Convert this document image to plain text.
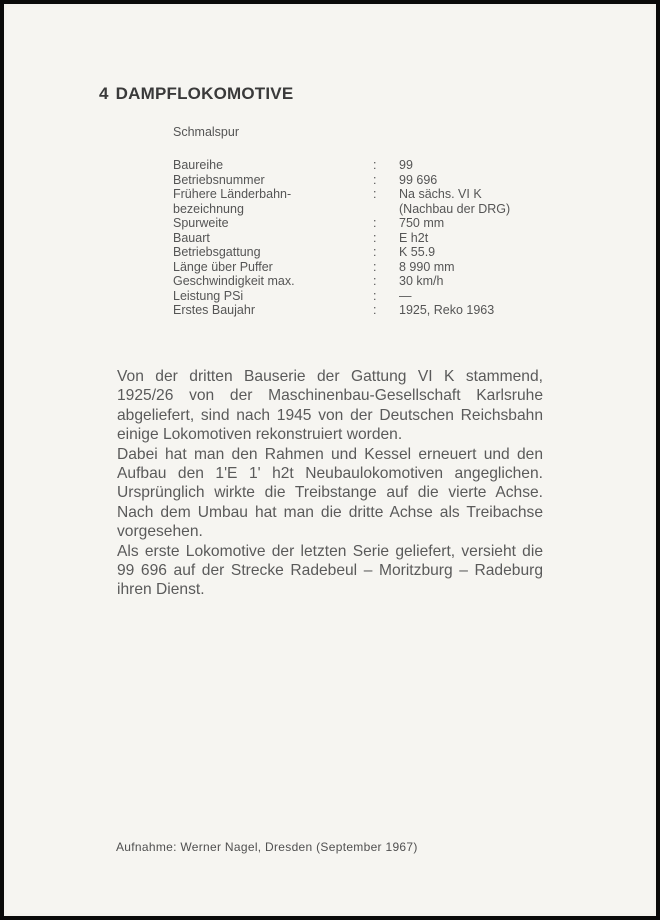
4 DAMPFLOKOMOTIVE
Schmalspur
Baureihe	: 99
Betriebsnummer	: 99 696
Frühere Länderbahn-	: Na sächs. VI K
bezeichnung	(Nachbau der DRG)
Spurweite	: 750 mm
Bauart	: E h2t
Betriebsgattung	: K 55.9
Länge über Puffer	: 8 990 mm
Geschwindigkeit max.	: 30 km/h
Leistung PSi	: —
Erstes Baujahr	: 1925, Reko 1963

Von der dritten Bauserie der Gattung VI K stammend, 1925/26 von der Maschinenbau-Gesellschaft Karlsruhe abgeliefert, sind nach 1945 von der Deutschen Reichsbahn einige Lokomotiven rekonstruiert worden.

Dabei hat man den Rahmen und Kessel erneuert und den Aufbau den 1'E 1' h2t Neubaulokomotiven angeglichen. Ursprünglich wirkte die Treibstange auf die vierte Achse. Nach dem Umbau hat man die dritte Achse als Treibachse vorgesehen.

Als erste Lokomotive der letzten Serie geliefert, versieht die 99 696 auf der Strecke Radebeul – Moritzburg – Radeburg ihren Dienst.

Aufnahme: Werner Nagel, Dresden (September 1967)
